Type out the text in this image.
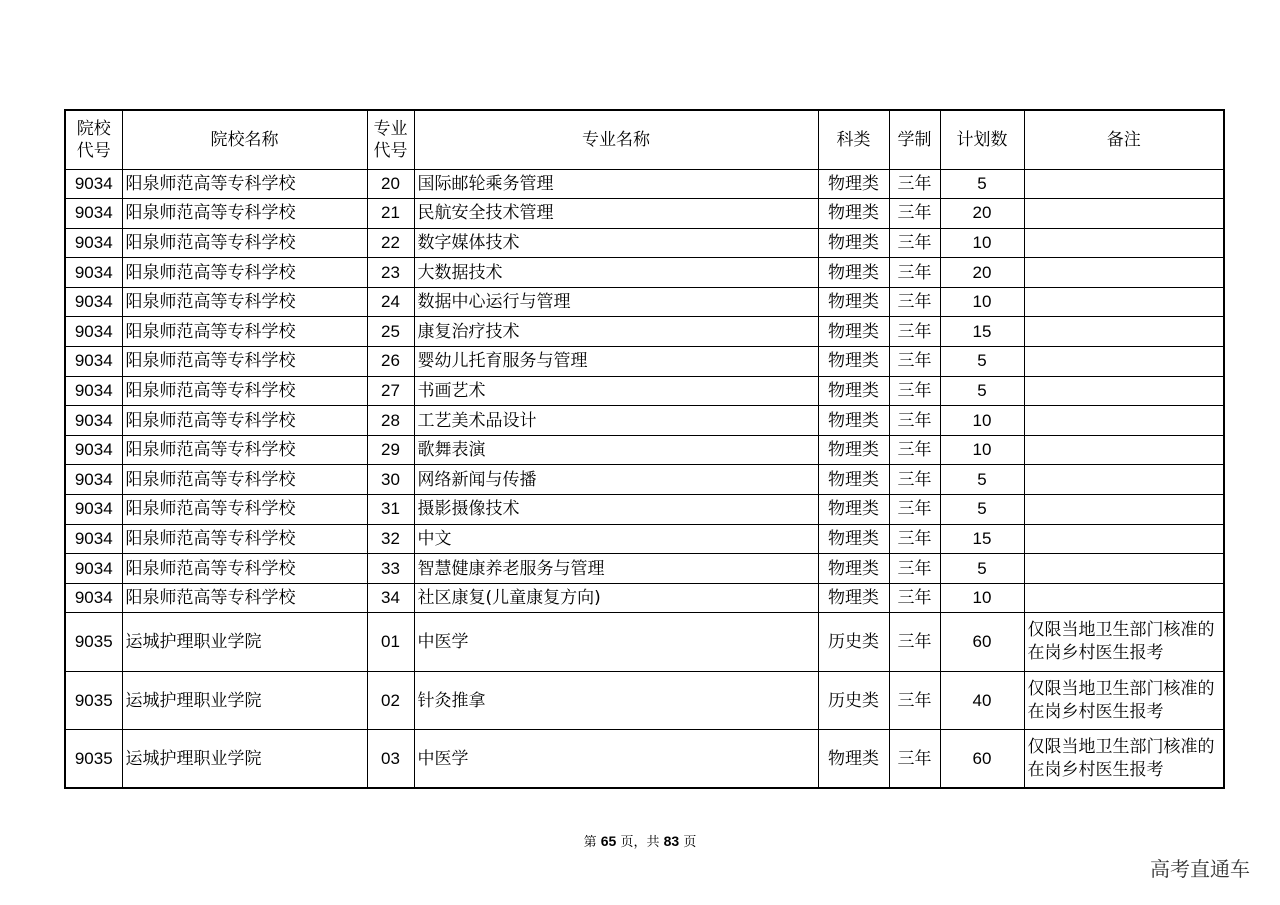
院校代号	院校名称	专业代号	专业名称	科类	学制	计划数	备注
9034	阳泉师范高等专科学校	20	国际邮轮乘务管理	物理类	三年	5	
9034	阳泉师范高等专科学校	21	民航安全技术管理	物理类	三年	20	
9034	阳泉师范高等专科学校	22	数字媒体技术	物理类	三年	10	
9034	阳泉师范高等专科学校	23	大数据技术	物理类	三年	20	
9034	阳泉师范高等专科学校	24	数据中心运行与管理	物理类	三年	10	
9034	阳泉师范高等专科学校	25	康复治疗技术	物理类	三年	15	
9034	阳泉师范高等专科学校	26	婴幼儿托育服务与管理	物理类	三年	5	
9034	阳泉师范高等专科学校	27	书画艺术	物理类	三年	5	
9034	阳泉师范高等专科学校	28	工艺美术品设计	物理类	三年	10	
9034	阳泉师范高等专科学校	29	歌舞表演	物理类	三年	10	
9034	阳泉师范高等专科学校	30	网络新闻与传播	物理类	三年	5	
9034	阳泉师范高等专科学校	31	摄影摄像技术	物理类	三年	5	
9034	阳泉师范高等专科学校	32	中文	物理类	三年	15	
9034	阳泉师范高等专科学校	33	智慧健康养老服务与管理	物理类	三年	5	
9034	阳泉师范高等专科学校	34	社区康复(儿童康复方向)	物理类	三年	10	
9035	运城护理职业学院	01	中医学	历史类	三年	60	仅限当地卫生部门核准的在岗乡村医生报考
9035	运城护理职业学院	02	针灸推拿	历史类	三年	40	仅限当地卫生部门核准的在岗乡村医生报考
9035	运城护理职业学院	03	中医学	物理类	三年	60	仅限当地卫生部门核准的在岗乡村医生报考
第 65 页，共 83 页
高考直通车
